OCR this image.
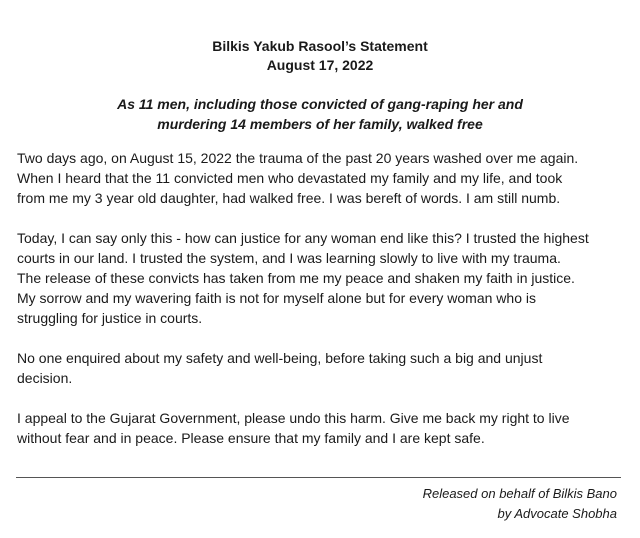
Bilkis Yakub Rasool’s Statement
August 17, 2022
As 11 men, including those convicted of gang-raping her and
murdering 14 members of her family, walked free
Two days ago, on August 15, 2022 the trauma of the past 20 years washed over me again.
When I heard that the 11 convicted men who devastated my family and my life, and took
from me my 3 year old daughter, had walked free. I was bereft of words. I am still numb.
Today, I can say only this - how can justice for any woman end like this? I trusted the highest
courts in our land. I trusted the system, and I was learning slowly to live with my trauma.
The release of these convicts has taken from me my peace and shaken my faith in justice.
My sorrow and my wavering faith is not for myself alone but for every woman who is
struggling for justice in courts.
No one enquired about my safety and well-being, before taking such a big and unjust
decision.
I appeal to the Gujarat Government, please undo this harm. Give me back my right to live
without fear and in peace. Please ensure that my family and I are kept safe.
Released on behalf of Bilkis Bano
by Advocate Shobha
